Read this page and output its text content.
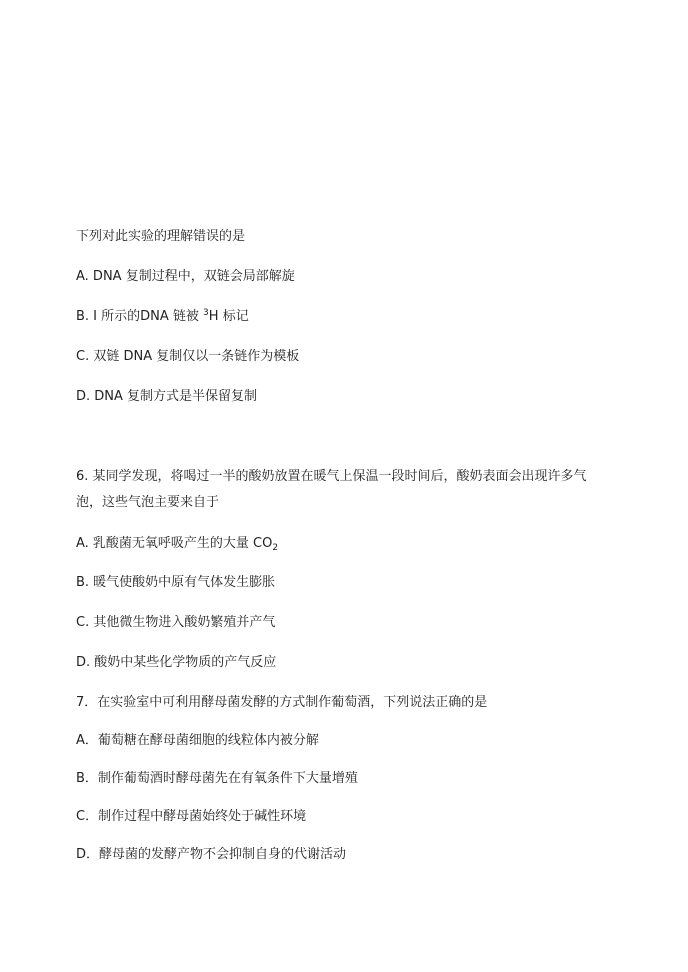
下列对此实验的理解错误的是
A. DNA 复制过程中，双链会局部解旋
B. Ⅰ 所示的DNA 链被 $^3$H 标记
C. 双链 DNA 复制仅以一条链作为模板
D. DNA 复制方式是半保留复制
6. 某同学发现，将喝过一半的酸奶放置在暖气上保温一段时间后，酸奶表面会出现许多气
泡，这些气泡主要来自于
A. 乳酸菌无氧呼吸产生的大量 $CO_2$
B. 暖气使酸奶中原有气体发生膨胀
C. 其他微生物进入酸奶繁殖并产气
D. 酸奶中某些化学物质的产气反应
7．在实验室中可利用酵母菌发酵的方式制作葡萄酒，下列说法正确的是
A．葡萄糖在酵母菌细胞的线粒体内被分解
B．制作葡萄酒时酵母菌先在有氧条件下大量增殖
C．制作过程中酵母菌始终处于碱性环境
D．酵母菌的发酵产物不会抑制自身的代谢活动
